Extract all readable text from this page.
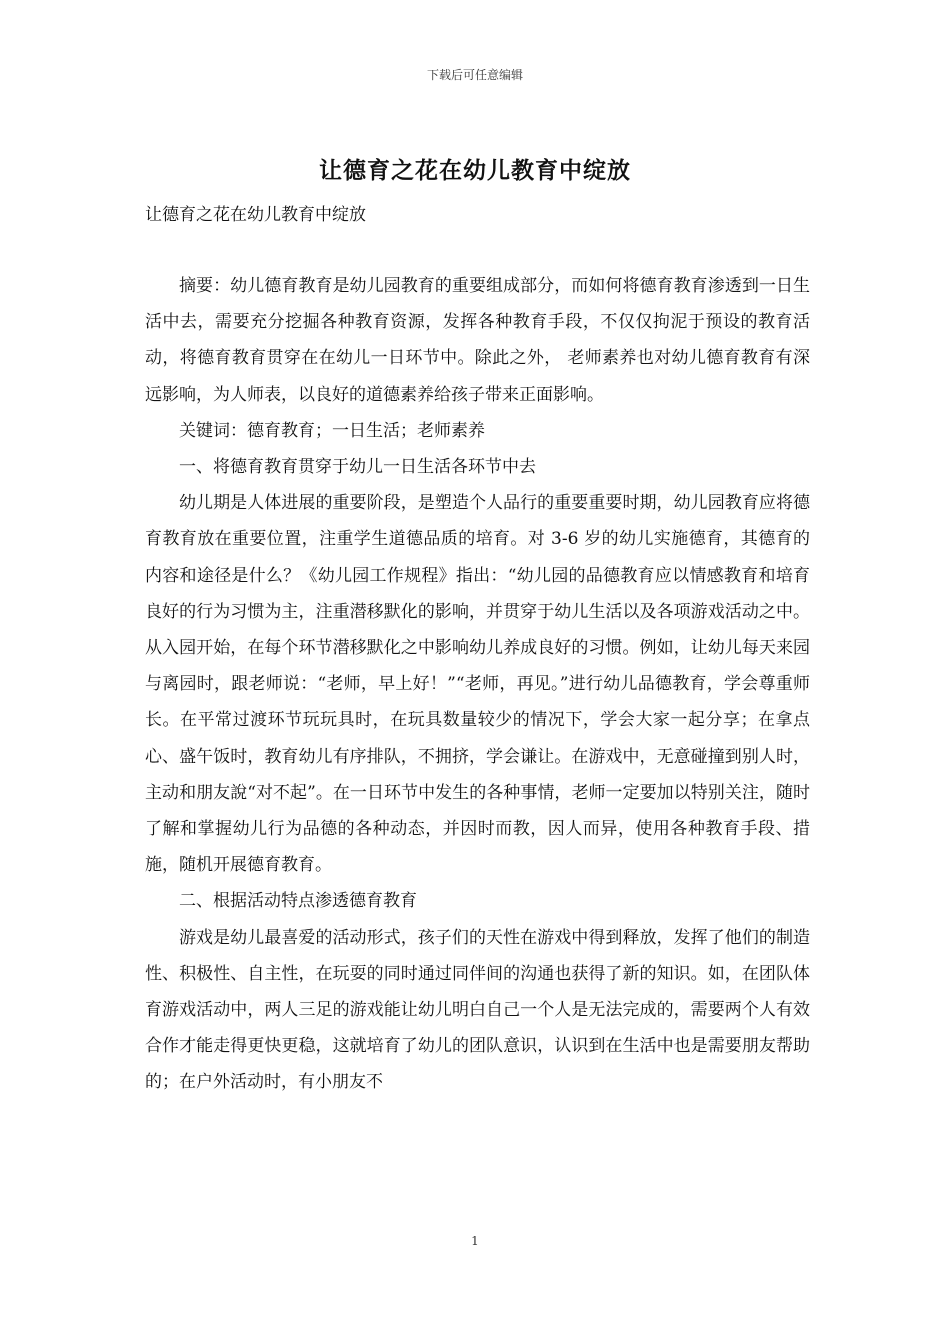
下载后可任意编辑
让德育之花在幼儿教育中绽放
让德育之花在幼儿教育中绽放

摘要：幼儿德育教育是幼儿园教育的重要组成部分，而如何将德育教育渗透到一日生活中去，需要充分挖掘各种教育资源，发挥各种教育手段，不仅仅拘泥于预设的教育活动，将德育教育贯穿在在幼儿一日环节中。除此之外， 老师素养也对幼儿德育教育有深远影响，为人师表，以良好的道德素养给孩子带来正面影响。

关键词：德育教育；一日生活；老师素养

一、将德育教育贯穿于幼儿一日生活各环节中去

幼儿期是人体进展的重要阶段，是塑造个人品行的重要重要时期，幼儿园教育应将德育教育放在重要位置，注重学生道德品质的培育。对 3-6 岁的幼儿实施德育，其德育的内容和途径是什么？《幼儿园工作规程》指出：“幼儿园的品德教育应以情感教育和培育良好的行为习惯为主，注重潜移默化的影响，并贯穿于幼儿生活以及各项游戏活动之中。从入园开始，在每个环节潜移默化之中影响幼儿养成良好的习惯。例如，让幼儿每天来园与离园时，跟老师说：“老师，早上好！”“老师，再见。”进行幼儿品德教育，学会尊重师长。在平常过渡环节玩玩具时，在玩具数量较少的情况下，学会大家一起分享；在拿点心、盛午饭时，教育幼儿有序排队，不拥挤，学会谦让。在游戏中，无意碰撞到别人时，主动和朋友說“对不起”。在一日环节中发生的各种事情，老师一定要加以特别关注，随时了解和掌握幼儿行为品德的各种动态，并因时而教，因人而异，使用各种教育手段、措施，随机开展德育教育。

二、根据活动特点渗透德育教育

游戏是幼儿最喜爱的活动形式，孩子们的天性在游戏中得到释放，发挥了他们的制造性、积极性、自主性，在玩耍的同时通过同伴间的沟通也获得了新的知识。如，在团队体育游戏活动中，两人三足的游戏能让幼儿明白自己一个人是无法完成的，需要两个人有效合作才能走得更快更稳，这就培育了幼儿的团队意识，认识到在生活中也是需要朋友帮助的；在户外活动时，有小朋友不

1
